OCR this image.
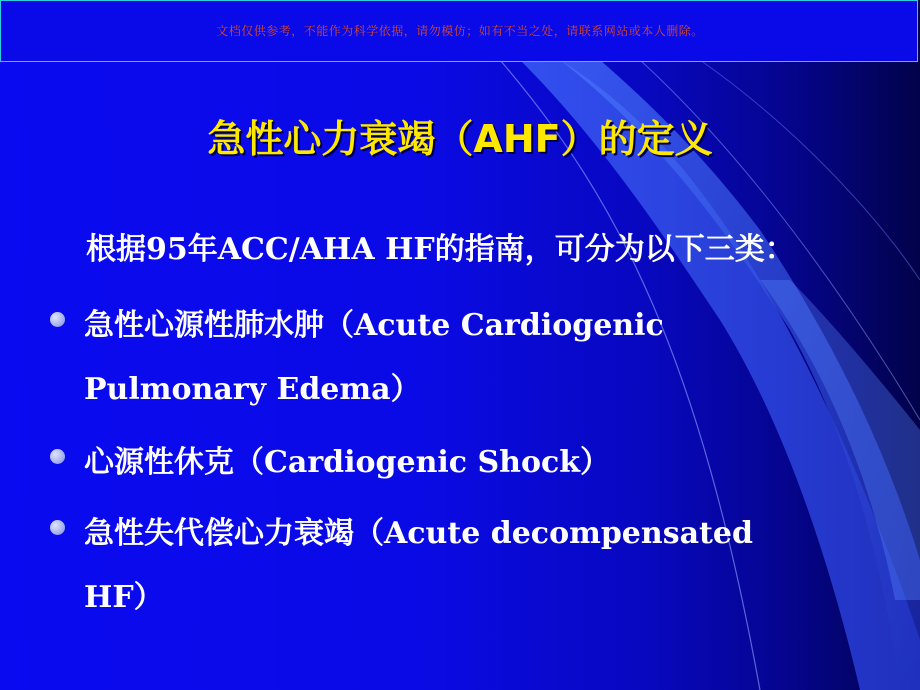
文档仅供参考，不能作为科学依据，请勿模仿；如有不当之处，请联系网站或本人删除。
急性心力衰竭（AHF）的定义
根据95年ACC/AHA HF的指南，可分为以下三类：
急性心源性肺水肿（Acute Cardiogenic
Pulmonary Edema）
心源性休克（Cardiogenic Shock）
急性失代偿心力衰竭（Acute decompensated
HF）
